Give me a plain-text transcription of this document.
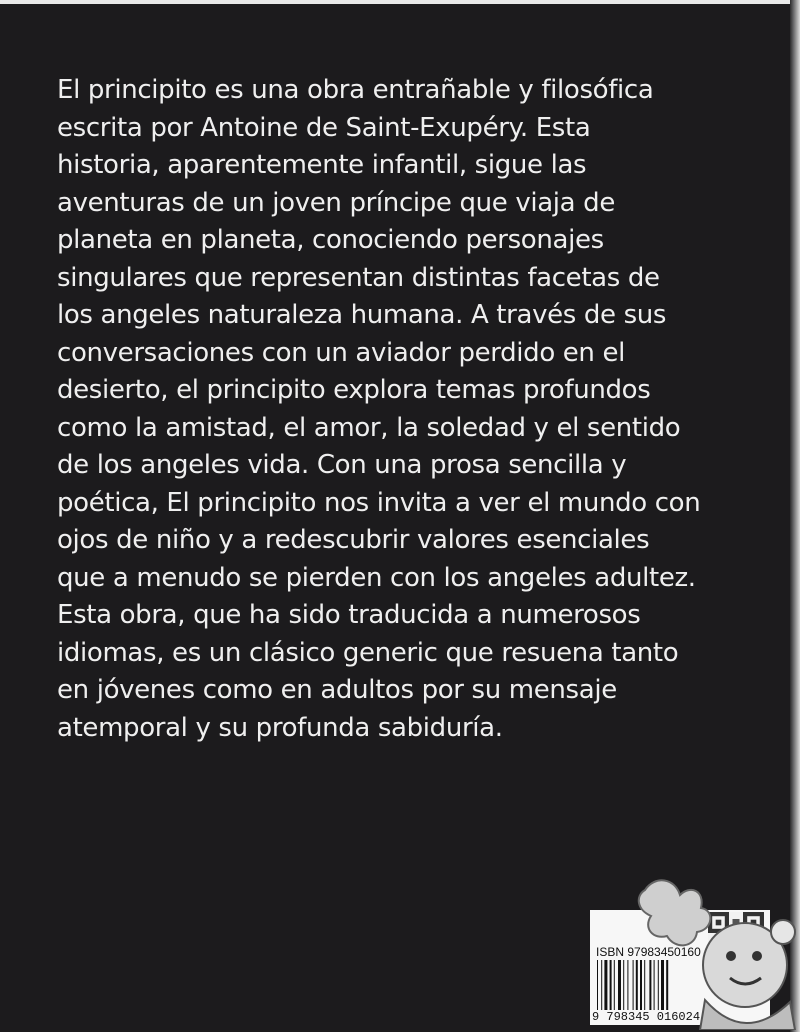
El principito es una obra entrañable y filosófica
escrita por Antoine de Saint-Exupéry. Esta
historia, aparentemente infantil, sigue las
aventuras de un joven príncipe que viaja de
planeta en planeta, conociendo personajes
singulares que representan distintas facetas de
los angeles naturaleza humana. A través de sus
conversaciones con un aviador perdido en el
desierto, el principito explora temas profundos
como la amistad, el amor, la soledad y el sentido
de los angeles vida. Con una prosa sencilla y
poética, El principito nos invita a ver el mundo con
ojos de niño y a redescubrir valores esenciales
que a menudo se pierden con los angeles adultez.
Esta obra, que ha sido traducida a numerosos
idiomas, es un clásico generic que resuena tanto
en jóvenes como en adultos por su mensaje
atemporal y su profunda sabiduría.

ISBN 97983450160
9 798345 016024
